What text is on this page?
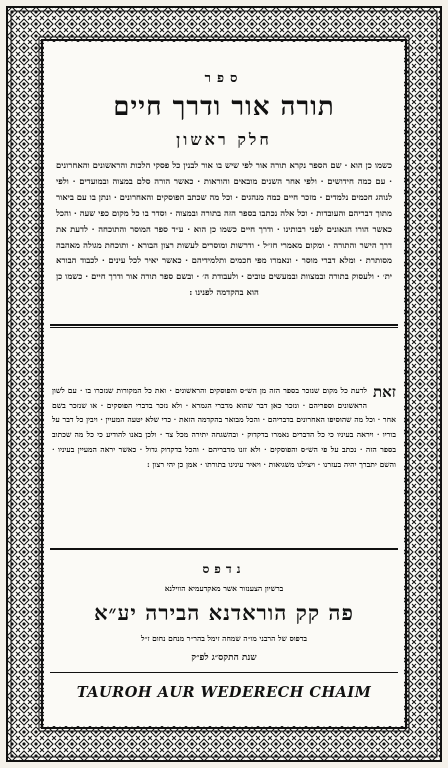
ספר
תורה אור ודרך חיים
חלק ראשון
כשמו כן הוא · שם הספר נקרא תורה אור לפי שיש בו אור לבנין כל פסקי הלכות והראשונים והאחרונים · עם כמה חידושים · ולפי אחר השנים מובאים והוראות · כאשר הורה סלם במצוה ובמועדים · ולפי לנוהג חכמים נלמדים · מזכר חיים כמה מנהגים · וכל מה שכתב הפוסקים והאחרונים · ונתן בו עם ביאור מתוך דבריהם והעובדות · וכל אלה נכתבו בספר הזה בתורה ובמצוה · וסדר בו כל מקום כפי שעה · והכל כאשר הורו הגאונים לפני רבותינו · ודרך חיים כשמו כן הוא · ע״ד ספר המוסר והתוכחה · לדעת את דרך הישר והתורה · ומקום מאמרי חז״ל · ודרשות ומוסרים לעשות רצון הבורא · ותוכחת מגולה מאהבה מסותרת · ומלא דברי מוסר · ונאמרו מפי חכמים ותלמידיהם · כאשר יאיר לכל עינים · לכבוד הבורא ית׳ · ולעסוק בתורה ובמצוות ובמעשים טובים · ולעבודת ה׳ · ובשם ספר תורה אור ודרך חיים · כשמו כן הוא בהקדמה לפנינו :
זאת
לדעת כל מקום שנזכר בספר הזה מן הש״ס והפוסקים והראשונים · ואת כל המקורות שנזכרו בו · עם לשון הראשונים וספריהם · ונזכר כאן דבר שהוא מדברי הגמרא · ולא נזכר בדברי הפוסקים · או שנזכר בשם אחר · וכל מה שהוסיפו האחרונים בדבריהם · והכל מבואר בהקדמה הזאת · כדי שלא יטעה המעיין · ויבין כל דבר על בוריו · ויראה בעיניו כי כל הדברים נאמרו בדקדוק · ובהשגחה יתירה מכל צד · ולכן באנו להודיע כי כל מה שכתוב בספר הזה · נכתב על פי הש״ס והפוסקים · ולא זזנו מדבריהם · והכל בדקדוק גדול · כאשר יראה המעיין בעיניו · והשם יתברך יהיה בעזרנו · ויצילנו משגיאות · ויאיר עינינו בתורתו · אמן כן יהי רצון :
נדפס
ברשיון הצענזור אשר מאקדעמיא הווילנא
פה קק הוראדנא הבירה יע״א
בדפוס של הרבני מו״ה שמחה זימל בהר״ר מנחם נחום ז״ל
שנת התקס״ג לפ״ק
TAUROH AUR WEDERECH CHAIM
